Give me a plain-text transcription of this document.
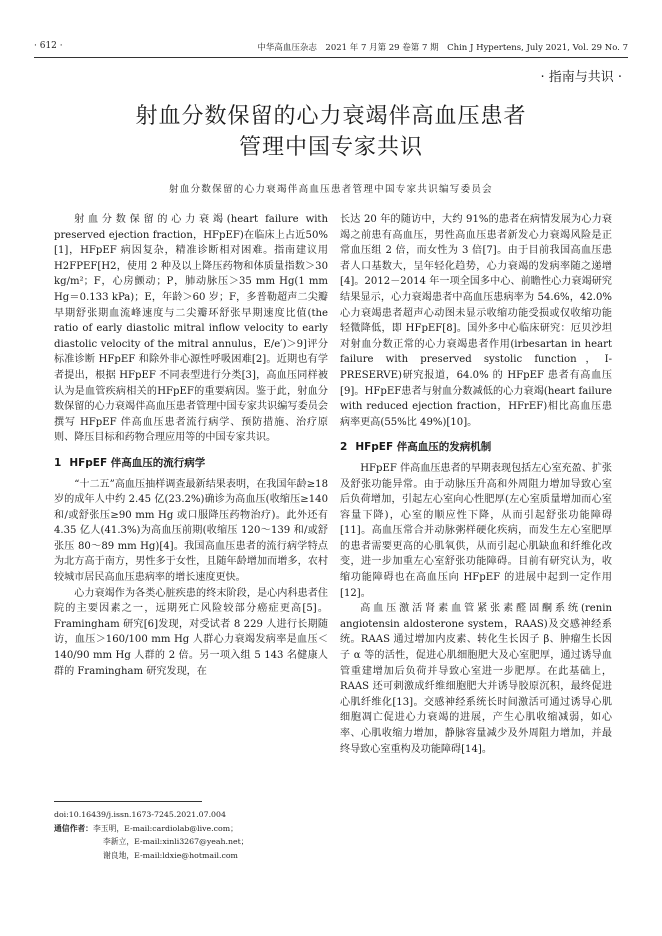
· 612 ·	中华高血压杂志　2021 年 7 月第 29 卷第 7 期　Chin J Hypertens, July 2021, Vol. 29 No. 7
· 指南与共识 ·
射血分数保留的心力衰竭伴高血压患者
管理中国专家共识
射血分数保留的心力衰竭伴高血压患者管理中国专家共识编写委员会

射血分数保留的心力衰竭(heart failure with preserved ejection fraction，HFpEF)在临床上占近50%[1]，HFpEF 病因复杂，精准诊断相对困难。指南建议用 H2FPEF[H2，使用 2 种及以上降压药物和体质量指数＞30 kg/m²；F，心房颤动；P，肺动脉压＞35 mm Hg(1 mm Hg＝0.133 kPa)；E，年龄＞60 岁；F，多普勒超声二尖瓣早期舒张期血流峰速度与二尖瓣环舒张早期速度比值(the ratio of early diastolic mitral inflow velocity to early diastolic velocity of the mitral annulus，E/e′)＞9]评分标准诊断 HFpEF 和除外非心源性呼吸困难[2]。近期也有学者提出，根据 HFpEF 不同表型进行分类[3]，高血压同样被认为是血管疾病相关的HFpEF的重要病因。鉴于此，射血分数保留的心力衰竭伴高血压患者管理中国专家共识编写委员会撰写 HFpEF 伴高血压患者流行病学、预防措施、治疗原则、降压目标和药物合理应用等的中国专家共识。

1 HFpEF 伴高血压的流行病学

“十二五”高血压抽样调查最新结果表明，在我国年龄≥18 岁的成年人中约 2.45 亿(23.2%)确诊为高血压(收缩压≥140 和/或舒张压≥90 mm Hg 或口服降压药物治疗)。此外还有 4.35 亿人(41.3%)为高血压前期(收缩压 120～139 和/或舒张压 80～89 mm Hg)[4]。我国高血压患者的流行病学特点为北方高于南方，男性多于女性，且随年龄增加而增多，农村较城市居民高血压患病率的增长速度更快。

心力衰竭作为各类心脏疾患的终末阶段，是心内科患者住院的主要因素之一，远期死亡风险较部分癌症更高[5]。Framingham 研究[6]发现，对受试者 8 229 人进行长期随访，血压＞160/100 mm Hg 人群心力衰竭发病率是血压＜140/90 mm Hg 人群的 2 倍。另一项入组 5 143 名健康人群的 Framingham 研究发现，在

长达 20 年的随访中，大约 91%的患者在病情发展为心力衰竭之前患有高血压，男性高血压患者新发心力衰竭风险是正常血压组 2 倍，而女性为 3 倍[7]。由于目前我国高血压患者人口基数大，呈年轻化趋势，心力衰竭的发病率随之递增[4]。2012－2014 年一项全国多中心、前瞻性心力衰竭研究结果显示，心力衰竭患者中高血压患病率为 54.6%，42.0%心力衰竭患者超声心动图未显示收缩功能受损或仅收缩功能轻微降低，即 HFpEF[8]。国外多中心临床研究：厄贝沙坦对射血分数正常的心力衰竭患者作用(irbesartan in heart failure with preserved systolic function，I-PRESERVE)研究报道，64.0% 的 HFpEF 患者有高血压[9]。HFpEF患者与射血分数减低的心力衰竭(heart failure with reduced ejection fraction，HFrEF)相比高血压患病率更高(55%比 49%)[10]。

2 HFpEF 伴高血压的发病机制

HFpEF 伴高血压患者的早期表现包括左心室充盈、扩张及舒张功能异常。由于动脉压升高和外周阻力增加导致心室后负荷增加，引起左心室向心性肥厚(左心室质量增加而心室容量下降)，心室的顺应性下降，从而引起舒张功能障碍[11]。高血压常合并动脉粥样硬化疾病，而发生左心室肥厚的患者需要更高的心肌氧供，从而引起心肌缺血和纤维化改变，进一步加重左心室舒张功能障碍。目前有研究认为，收缩功能障碍也在高血压向 HFpEF 的进展中起到一定作用[12]。

高血压激活肾素血管紧张素醛固酮系统(renin angiotensin aldosterone system，RAAS)及交感神经系统。RAAS 通过增加内皮素、转化生长因子 β、肿瘤生长因子 α 等的活性，促进心肌细胞肥大及心室肥厚，通过诱导血管重建增加后负荷并导致心室进一步肥厚。在此基础上，RAAS 还可刺激成纤维细胞肥大并诱导胶原沉积，最终促进心肌纤维化[13]。交感神经系统长时间激活可通过诱导心肌细胞凋亡促进心力衰竭的进展，产生心肌收缩减弱，如心率、心肌收缩力增加，静脉容量减少及外周阻力增加，并最终导致心室重构及功能障碍[14]。

doi:10.16439/j.issn.1673-7245.2021.07.004
通信作者：李玉明，E-mail:cardiolab@live.com；
李新立，E-mail:xinli3267@yeah.net；
谢良地，E-mail:ldxie@hotmail.com
